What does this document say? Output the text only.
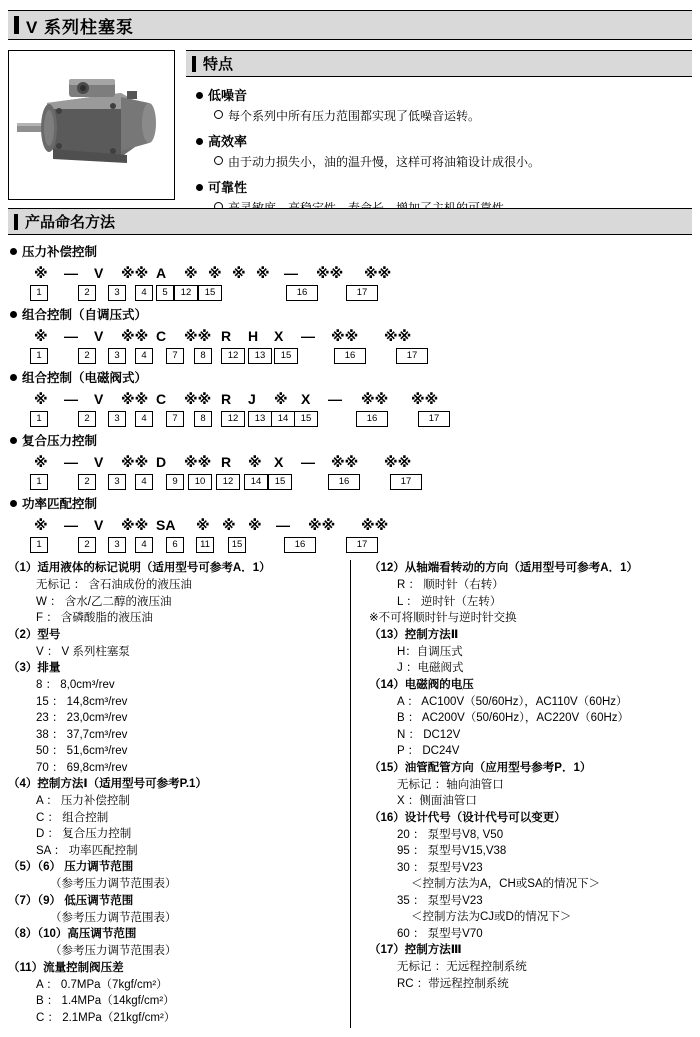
V 系列柱塞泵
特点
低噪音
每个系列中所有压力范围都实现了低噪音运转。
高效率
由于动力损失小，油的温升慢，这样可将油箱设计成很小。
可靠性
产品命名方法
压力补偿控制
※ — V ※※ A ※ ※ ※ ※ — ※※ ※※
1	2	3	4	5	12	15	16	17
组合控制（自调压式）
※ — V ※※ C ※※ R H X — ※※ ※※
1	2	3	4	7	8	12	13	15	16	17
组合控制（电磁阀式）
※ — V ※※ C ※※ R J ※ X — ※※ ※※
1	2	3	4	7	8	12	13	14	15	16	17
复合压力控制
※ — V ※※ D ※※ R ※ X — ※※ ※※
1	2	3	4	9	10	12	14	15	16	17
功率匹配控制
※ — V ※※ SA ※ ※ ※ — ※※ ※※
1	2	3	4	6	11	15	16	17
（1）适用液体的标记说明（适用型号可参考A．1）
无标记 ： 含石油成份的液压油
W ： 含水/乙二醇的液压油
F ： 含磷酸脂的液压油
（2）型号
V ： V 系列柱塞泵
（3）排量
8 ： 8,0cm³/rev
15 ： 14,8cm³/rev
23 ： 23,0cm³/rev
38 ： 37,7cm³/rev
50 ： 51,6cm³/rev
70 ： 69,8cm³/rev
（4）控制方法Ⅰ（适用型号可参考P.1）
A ： 压力补偿控制
C ： 组合控制
D ： 复合压力控制
SA ： 功率匹配控制
（5）（6） 压力调节范围
（参考压力调节范围表）
（7）（9） 低压调节范围
（参考压力调节范围表）
（8）（10）高压调节范围
（参考压力调节范围表）
（11）流量控制阀压差
A ： 0.7MPa（7kgf/cm²）
B ： 1.4MPa（14kgf/cm²）
C ： 2.1MPa（21kgf/cm²）
（12）从轴端看转动的方向（适用型号可参考A．1）
R ： 顺时针（右转）
L ： 逆时针（左转）
※不可将顺时针与逆时针交换
（13）控制方法Ⅱ
H：自调压式
J ：电磁阀式
（14）电磁阀的电压
A ： AC100V（50/60Hz），AC110V（60Hz）
B ： AC200V（50/60Hz），AC220V（60Hz）
N ： DC12V
P ： DC24V
（15）油管配管方向（应用型号参考P．1）
无标记 ：轴向油管口
X ：侧面油管口
（16）设计代号（设计代号可以变更）
20 ： 泵型号V8, V50
95 ： 泵型号V15,V38
30 ： 泵型号V23
＜控制方法为A，CH或SA的情况下＞
35 ： 泵型号V23
＜控制方法为CJ或D的情况下＞
60 ： 泵型号V70
（17）控制方法Ⅲ
无标记 ：无远程控制系统
RC ：带远程控制系统
